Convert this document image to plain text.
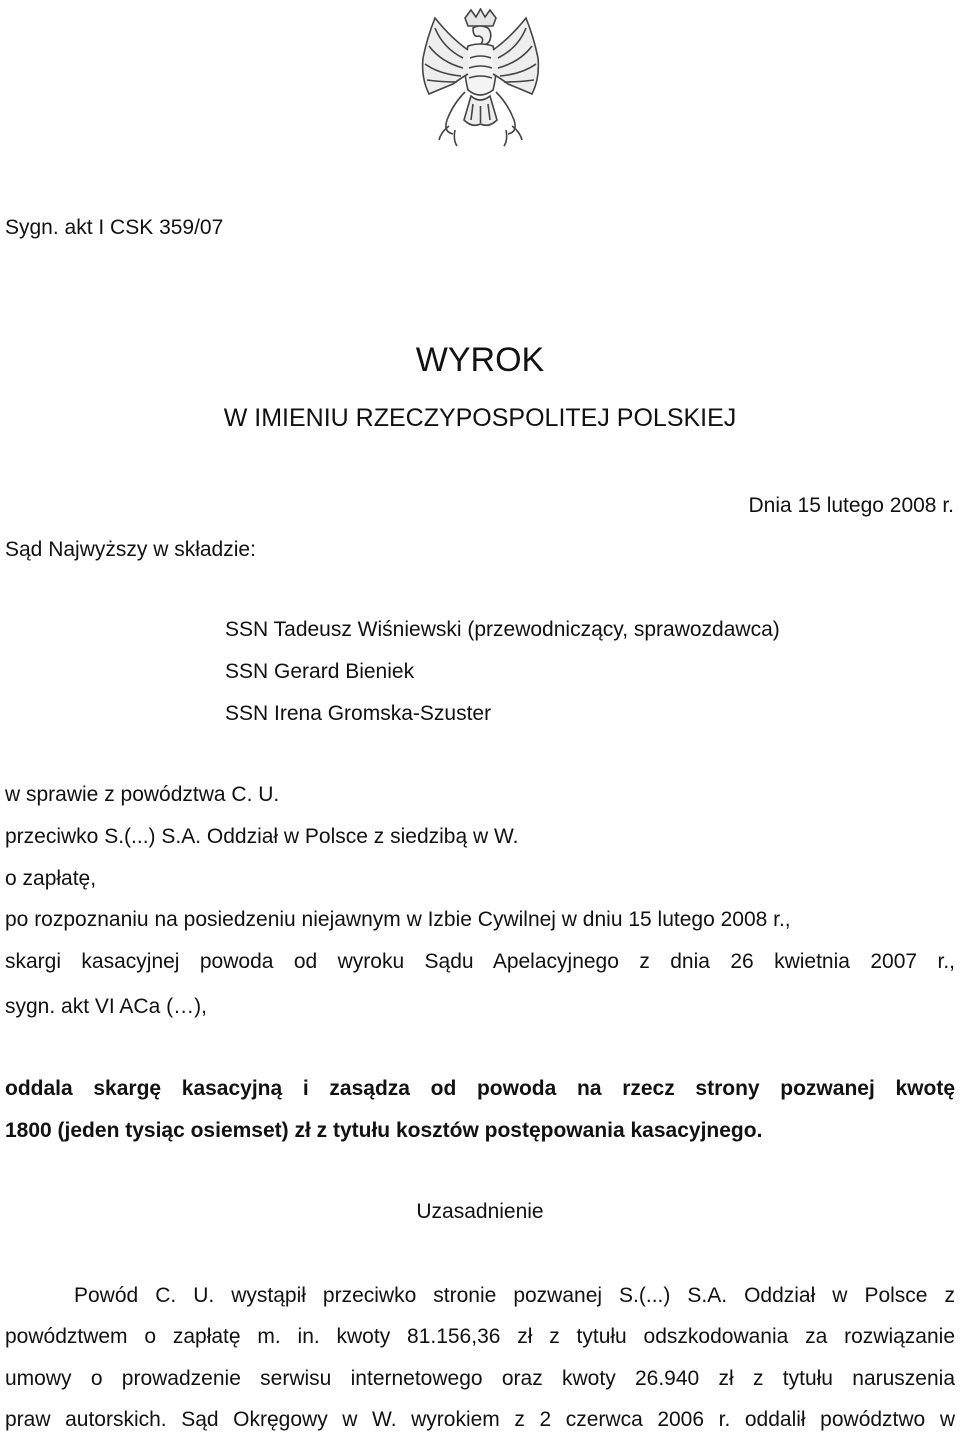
Sygn. akt I CSK 359/07
WYROK
W IMIENIU RZECZYPOSPOLITEJ POLSKIEJ
Dnia 15 lutego 2008 r.
Sąd Najwyższy w składzie:
SSN Tadeusz Wiśniewski (przewodniczący, sprawozdawca)
SSN Gerard Bieniek
SSN Irena Gromska-Szuster
w sprawie z powództwa C. U.
przeciwko S.(...) S.A. Oddział w Polsce z siedzibą w W.
o zapłatę,
po rozpoznaniu na posiedzeniu niejawnym w Izbie Cywilnej w dniu 15 lutego 2008 r.,
skargi kasacyjnej powoda od wyroku Sądu Apelacyjnego z dnia 26 kwietnia 2007 r.,
sygn. akt VI ACa (…),
oddala skargę kasacyjną i zasądza od powoda na rzecz strony pozwanej kwotę
1800 (jeden tysiąc osiemset) zł z tytułu kosztów postępowania kasacyjnego.
Uzasadnienie
Powód C. U. wystąpił przeciwko stronie pozwanej S.(...) S.A. Oddział w Polsce z
powództwem o zapłatę m. in. kwoty 81.156,36 zł z tytułu odszkodowania za rozwiązanie
umowy o prowadzenie serwisu internetowego oraz kwoty 26.940 zł z tytułu naruszenia
praw autorskich. Sąd Okręgowy w W. wyrokiem z 2 czerwca 2006 r. oddalił powództwo w
